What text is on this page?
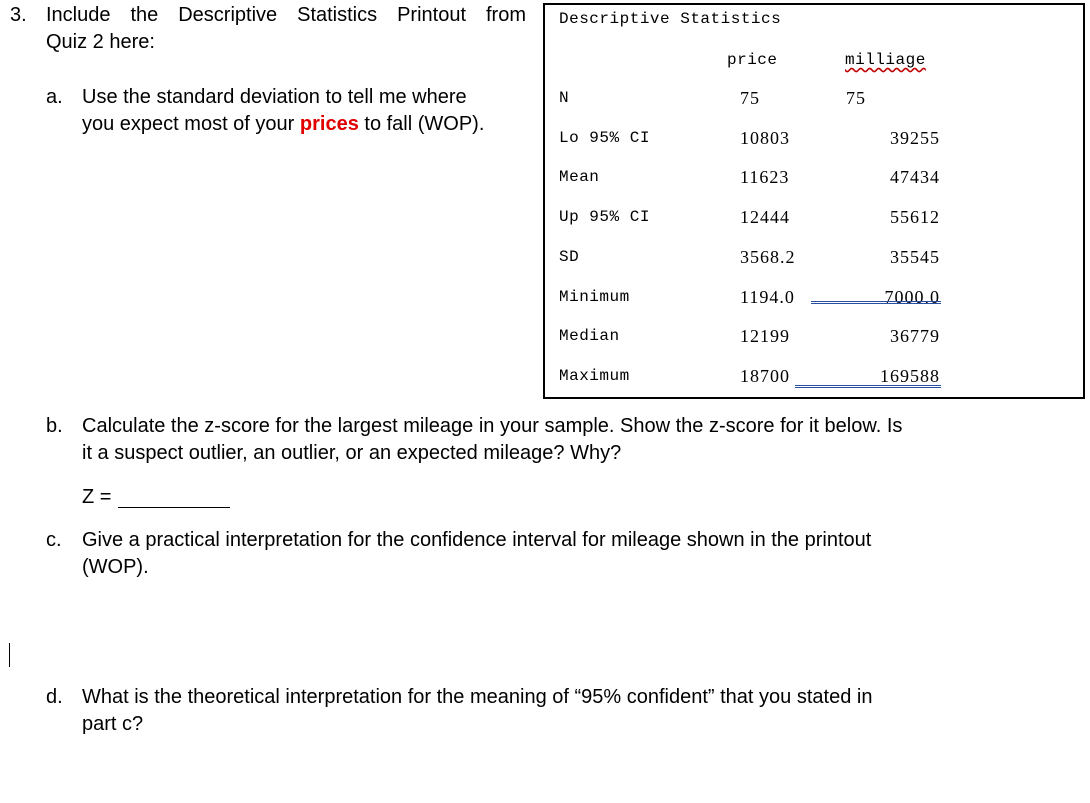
3. Include the Descriptive Statistics Printout from
Quiz 2 here:
a. Use the standard deviation to tell me where
you expect most of your prices to fall (WOP).
Descriptive Statistics
price	milliage
N	75	75
Lo 95% CI	10803	39255
Mean	11623	47434
Up 95% CI	12444	55612
SD	3568.2	35545
Minimum	1194.0	7000.0
Median	12199	36779
Maximum	18700	169588
b. Calculate the z-score for the largest mileage in your sample. Show the z-score for it below. Is
it a suspect outlier, an outlier, or an expected mileage? Why?
Z =
c. Give a practical interpretation for the confidence interval for mileage shown in the printout
(WOP).
d. What is the theoretical interpretation for the meaning of “95% confident” that you stated in
part c?
